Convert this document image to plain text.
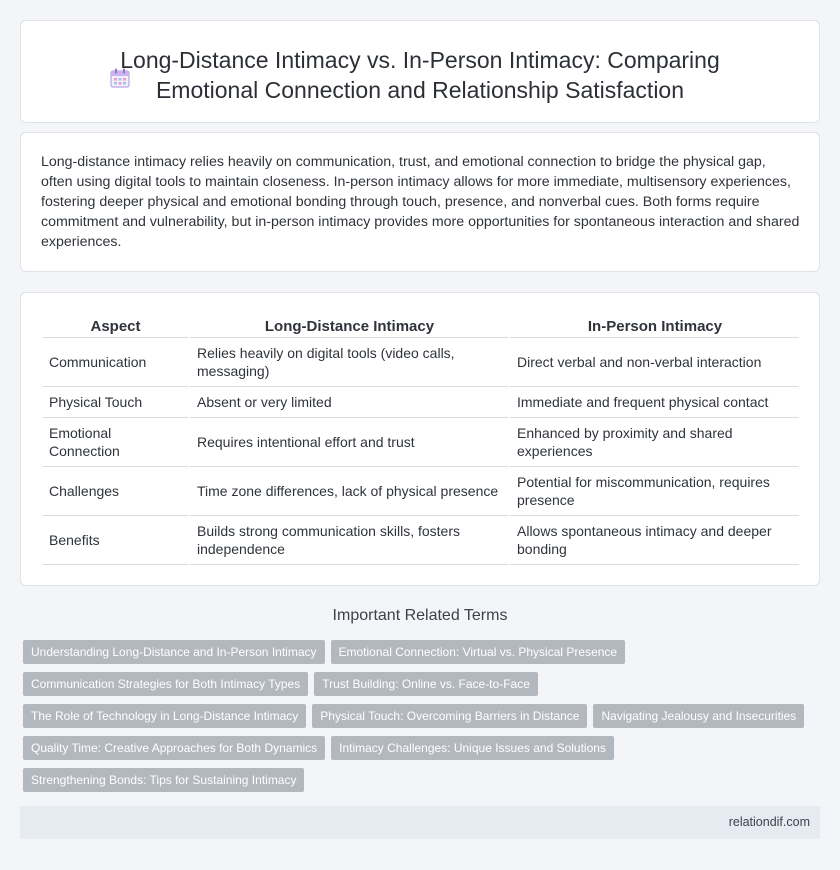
Long-Distance Intimacy vs. In-Person Intimacy: Comparing
Emotional Connection and Relationship Satisfaction

Long-distance intimacy relies heavily on communication, trust, and emotional connection to bridge the physical gap, often using digital tools to maintain closeness. In-person intimacy allows for more immediate, multisensory experiences, fostering deeper physical and emotional bonding through touch, presence, and nonverbal cues. Both forms require commitment and vulnerability, but in-person intimacy provides more opportunities for spontaneous interaction and shared experiences.

Aspect	Long-Distance Intimacy	In-Person Intimacy
Communication	Relies heavily on digital tools (video calls, messaging)	Direct verbal and non-verbal interaction
Physical Touch	Absent or very limited	Immediate and frequent physical contact
Emotional Connection	Requires intentional effort and trust	Enhanced by proximity and shared experiences
Challenges	Time zone differences, lack of physical presence	Potential for miscommunication, requires presence
Benefits	Builds strong communication skills, fosters independence	Allows spontaneous intimacy and deeper bonding
Important Related Terms
Understanding Long-Distance and In-Person Intimacy Emotional Connection: Virtual vs. Physical Presence
Communication Strategies for Both Intimacy Types Trust Building: Online vs. Face-to-Face
The Role of Technology in Long-Distance Intimacy Physical Touch: Overcoming Barriers in Distance Navigating Jealousy and Insecurities
Quality Time: Creative Approaches for Both Dynamics Intimacy Challenges: Unique Issues and Solutions
Strengthening Bonds: Tips for Sustaining Intimacy
relationdif.com
